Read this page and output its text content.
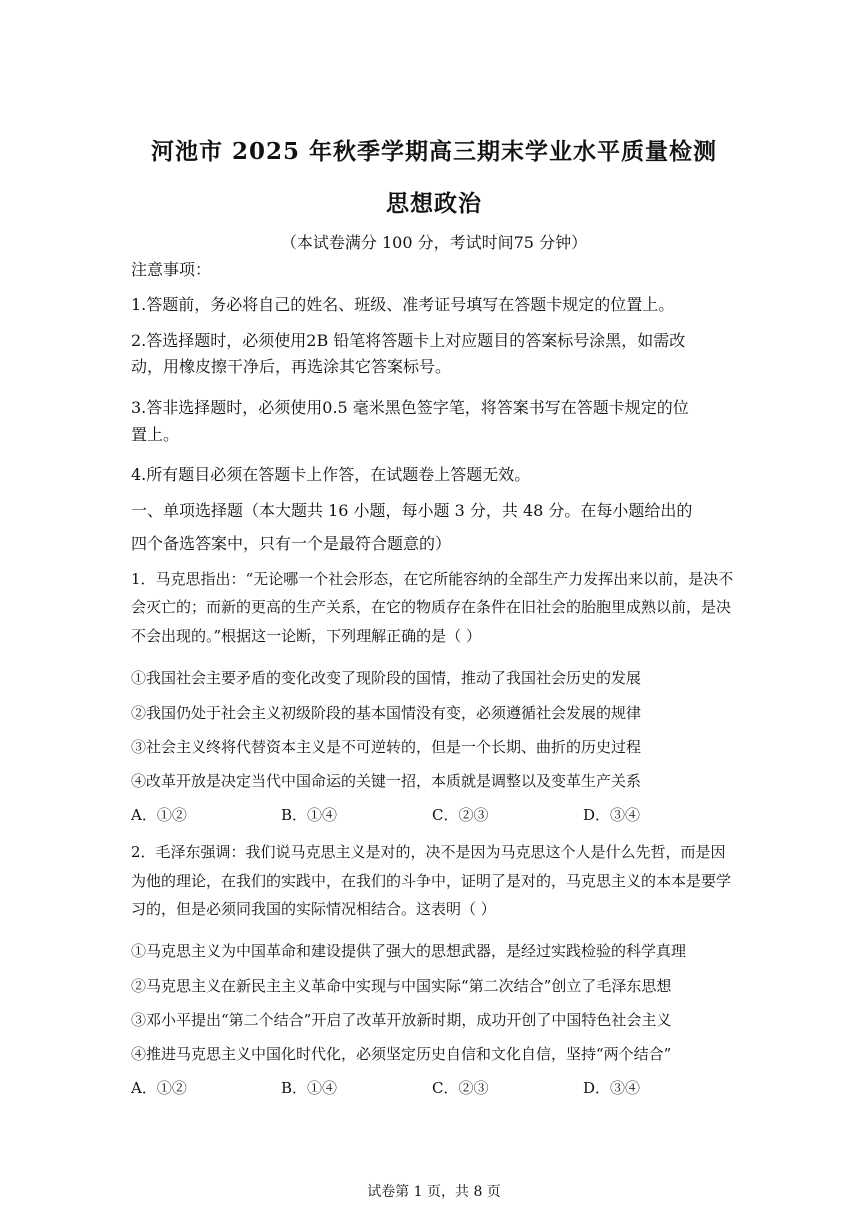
河池市 2025 年秋季学期高三期末学业水平质量检测
思想政治
（本试卷满分 100 分，考试时间75 分钟）
注意事项：
1.答题前，务必将自己的姓名、班级、准考证号填写在答题卡规定的位置上。
2.答选择题时，必须使用2B 铅笔将答题卡上对应题目的答案标号涂黑，如需改
动，用橡皮擦干净后，再选涂其它答案标号。
3.答非选择题时，必须使用0.5 毫米黑色签字笔，将答案书写在答题卡规定的位
置上。
4.所有题目必须在答题卡上作答，在试题卷上答题无效。
一、单项选择题（本大题共 16 小题，每小题 3 分，共 48 分。在每小题给出的
四个备选答案中，只有一个是最符合题意的）
1．马克思指出：“无论哪一个社会形态，在它所能容纳的全部生产力发挥出来以前，是决不
会灭亡的；而新的更高的生产关系，在它的物质存在条件在旧社会的胎胞里成熟以前，是决
不会出现的。”根据这一论断，下列理解正确的是（ ）
①我国社会主要矛盾的变化改变了现阶段的国情，推动了我国社会历史的发展
②我国仍处于社会主义初级阶段的基本国情没有变，必须遵循社会发展的规律
③社会主义终将代替资本主义是不可逆转的，但是一个长期、曲折的历史过程
④改革开放是决定当代中国命运的关键一招，本质就是调整以及变革生产关系
A．①②	B．①④	C．②③	D．③④
2．毛泽东强调：我们说马克思主义是对的，决不是因为马克思这个人是什么先哲，而是因
为他的理论，在我们的实践中，在我们的斗争中，证明了是对的，马克思主义的本本是要学
习的，但是必须同我国的实际情况相结合。这表明（ ）
①马克思主义为中国革命和建设提供了强大的思想武器，是经过实践检验的科学真理
②马克思主义在新民主主义革命中实现与中国实际“第二次结合”创立了毛泽东思想
③邓小平提出“第二个结合”开启了改革开放新时期，成功开创了中国特色社会主义
④推进马克思主义中国化时代化，必须坚定历史自信和文化自信，坚持“两个结合”
A．①②	B．①④	C．②③	D．③④
试卷第 1 页，共 8 页
